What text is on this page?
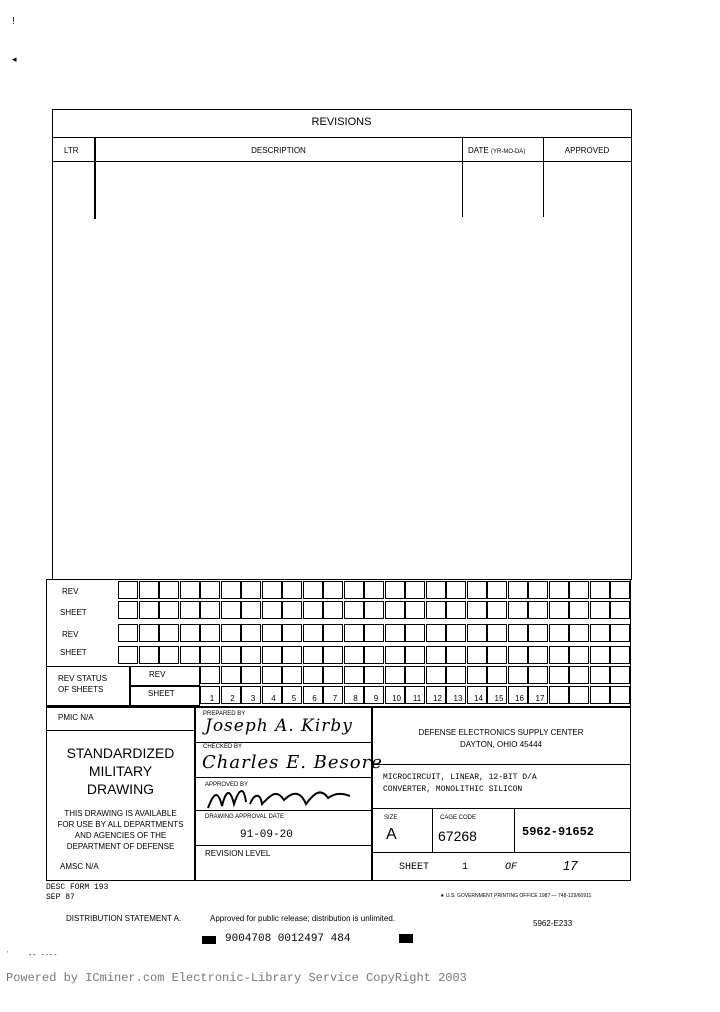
!
◂
REVISIONS
LTR	DESCRIPTION	DATE (YR-MO-DA)	APPROVED
REV
SHEET
REV
SHEET
REV STATUS
OF SHEETS
REV
SHEET
1	2	3	4	5	6	7	8	9	10	11	12	13	14	15	16	17
PMIC N/A
STANDARDIZED
MILITARY
DRAWING
THIS DRAWING IS AVAILABLE
FOR USE BY ALL DEPARTMENTS
AND AGENCIES OF THE
DEPARTMENT OF DEFENSE
AMSC N/A
PREPARED BY
Joseph A. Kirby
CHECKED BY
Charles E. Besore
APPROVED BY
DRAWING APPROVAL DATE
91-09-20
REVISION LEVEL
DEFENSE ELECTRONICS SUPPLY CENTER
DAYTON, OHIO 45444
MICROCIRCUIT, LINEAR, 12-BIT D/A
CONVERTER, MONOLITHIC SILICON
SIZE
A
CAGE CODE
67268	5962-91652
SHEET	1	OF	17
DESC FORM 193
SEP 87	★ U.S. GOVERNMENT PRINTING OFFICE 1987 — 748-129/60911
DISTRIBUTION STATEMENT A.	Approved for public release; distribution is unlimited.
5962-E233
9004708 0012497 484
ˌ
-- ----
Powered by ICminer.com Electronic-Library Service CopyRight 2003
